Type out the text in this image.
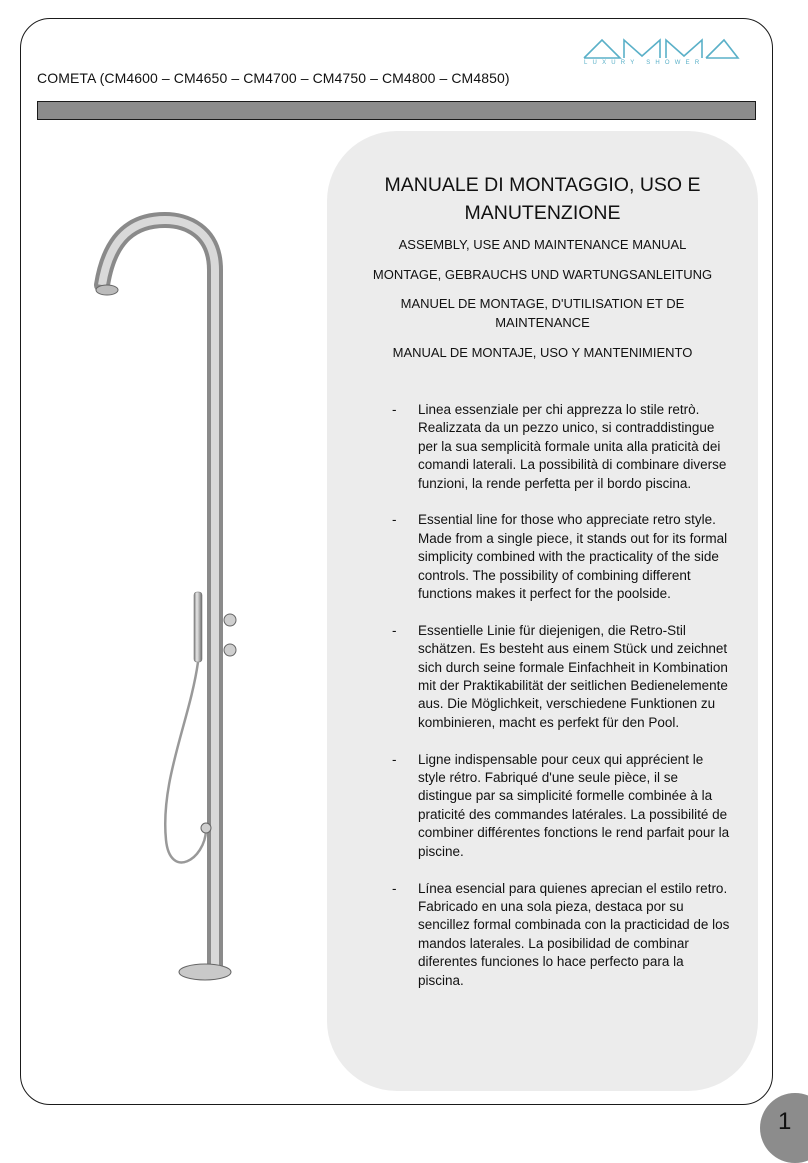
COMETA (CM4600 – CM4650 – CM4700 – CM4750 – CM4800 – CM4850)
LUXURY SHOWER
MANUALE DI MONTAGGIO, USO E MANUTENZIONE
ASSEMBLY, USE AND MAINTENANCE MANUAL
MONTAGE, GEBRAUCHS UND WARTUNGSANLEITUNG
MANUEL DE MONTAGE, D'UTILISATION ET DE MAINTENANCE
MANUAL DE MONTAJE, USO Y MANTENIMIENTO
- Linea essenziale per chi apprezza lo stile retrò. Realizzata da un pezzo unico, si contraddistingue per la sua semplicità formale unita alla praticità dei comandi laterali. La possibilità di combinare diverse funzioni, la rende perfetta per il bordo piscina.
- Essential line for those who appreciate retro style. Made from a single piece, it stands out for its formal simplicity combined with the practicality of the side controls. The possibility of combining different functions makes it perfect for the poolside.
- Essentielle Linie für diejenigen, die Retro-Stil schätzen. Es besteht aus einem Stück und zeichnet sich durch seine formale Einfachheit in Kombination mit der Praktikabilität der seitlichen Bedienelemente aus. Die Möglichkeit, verschiedene Funktionen zu kombinieren, macht es perfekt für den Pool.
- Ligne indispensable pour ceux qui apprécient le style rétro. Fabriqué d'une seule pièce, il se distingue par sa simplicité formelle combinée à la praticité des commandes latérales. La possibilité de combiner différentes fonctions le rend parfait pour la piscine.
- Línea esencial para quienes aprecian el estilo retro. Fabricado en una sola pieza, destaca por su sencillez formal combinada con la practicidad de los mandos laterales. La posibilidad de combinar diferentes funciones lo hace perfecto para la piscina.
1
